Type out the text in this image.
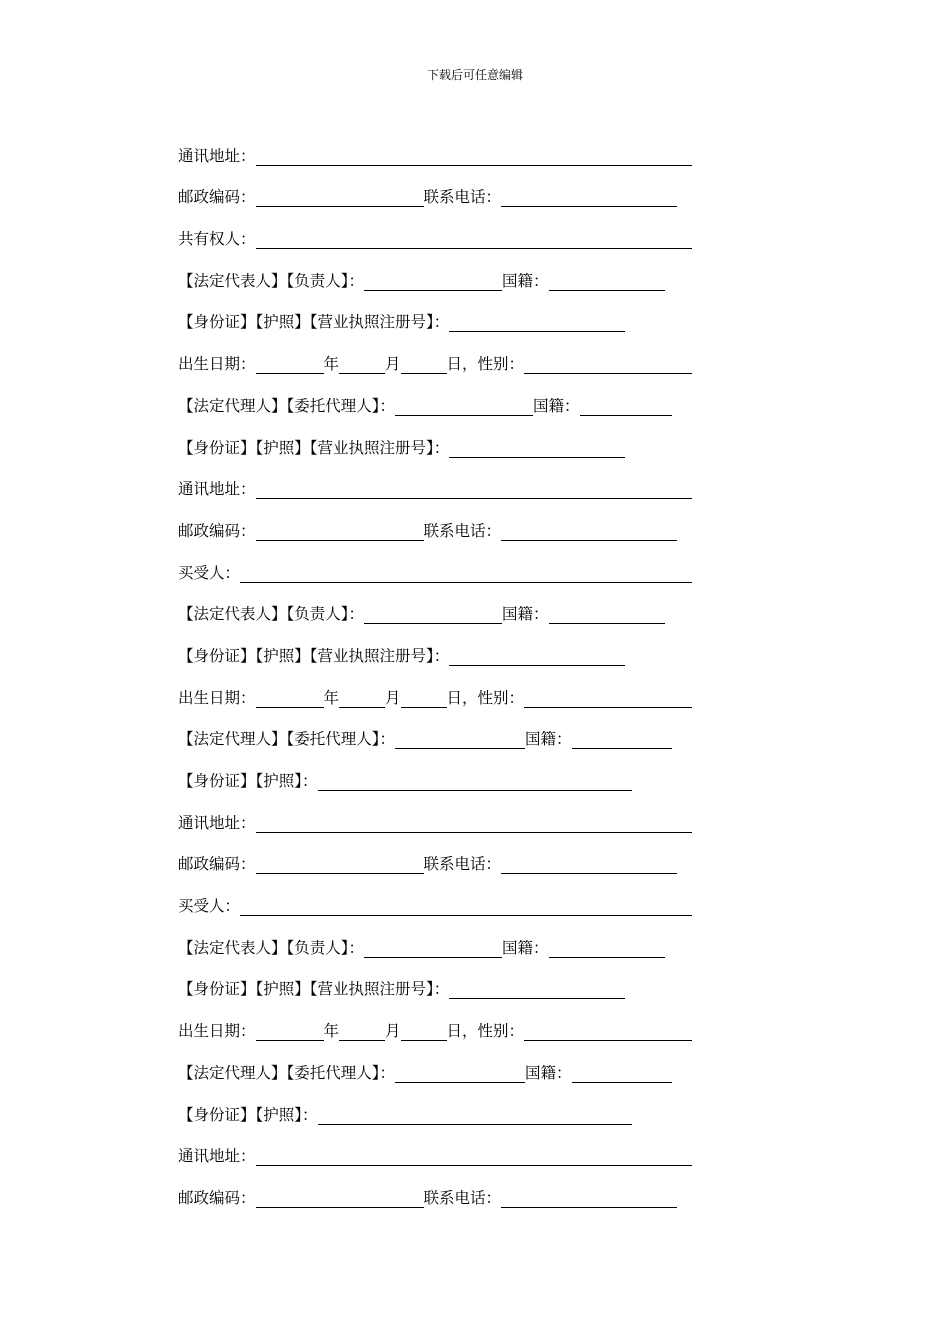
下载后可任意编辑
通讯地址：
邮政编码：	联系电话：
共有权人：
【法定代表人】【负责人】：	国籍：
【身份证】【护照】【营业执照注册号】：
出生日期：	年	月	日，性别：
【法定代理人】【委托代理人】：	国籍：
【身份证】【护照】【营业执照注册号】：
通讯地址：
邮政编码：	联系电话：
买受人：
【法定代表人】【负责人】：	国籍：
【身份证】【护照】【营业执照注册号】：
出生日期：	年	月	日，性别：
【法定代理人】【委托代理人】：	国籍：
【身份证】【护照】：
通讯地址：
邮政编码：	联系电话：
买受人：
【法定代表人】【负责人】：	国籍：
【身份证】【护照】【营业执照注册号】：
出生日期：	年	月	日，性别：
【法定代理人】【委托代理人】：	国籍：
【身份证】【护照】：
通讯地址：
邮政编码：	联系电话：
